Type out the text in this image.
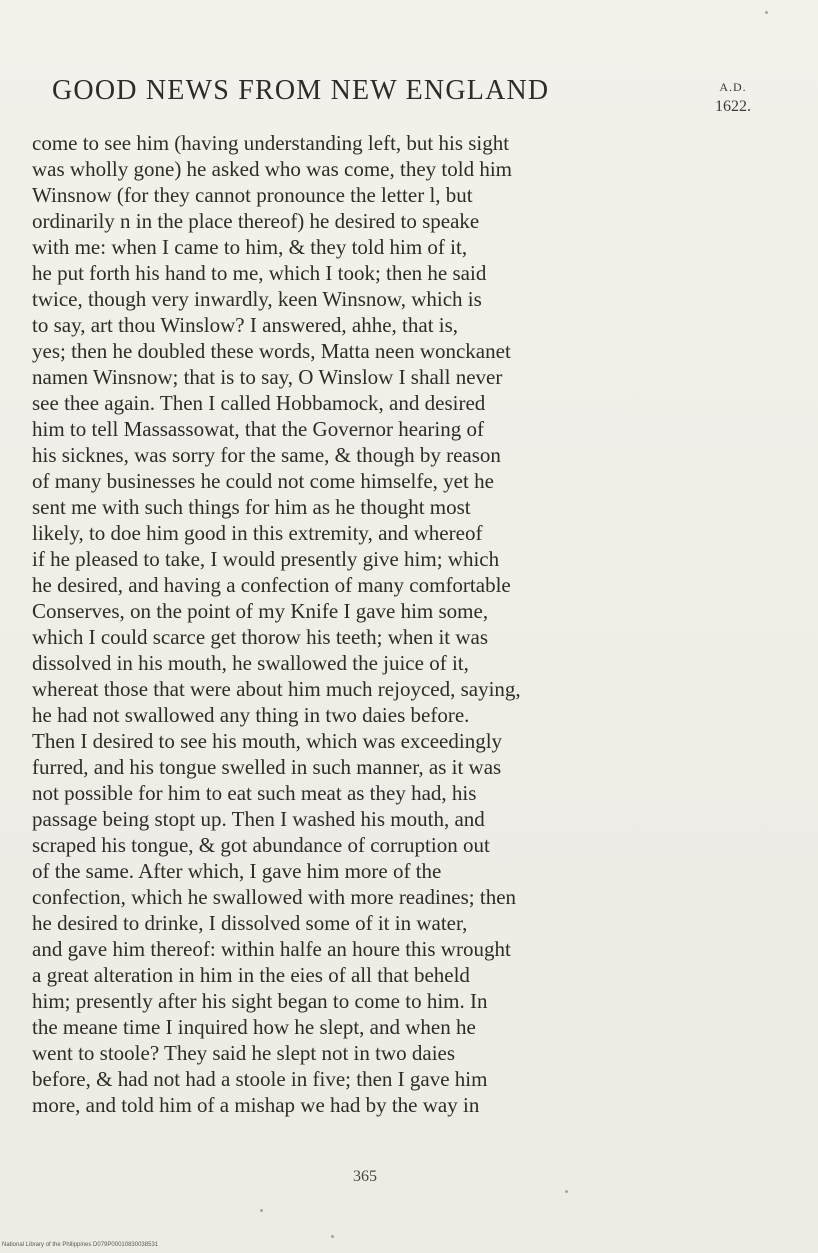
GOOD NEWS FROM NEW ENGLAND	A.D.
1622.
come to see him (having understanding left, but his sight
was wholly gone) he asked who was come, they told him
Winsnow (for they cannot pronounce the letter l, but
ordinarily n in the place thereof) he desired to speake
with me: when I came to him, & they told him of it,
he put forth his hand to me, which I took; then he said
twice, though very inwardly, keen Winsnow, which is
to say, art thou Winslow? I answered, ahhe, that is,
yes; then he doubled these words, Matta neen wonckanet
namen Winsnow; that is to say, O Winslow I shall never
see thee again. Then I called Hobbamock, and desired
him to tell Massassowat, that the Governor hearing of
his sicknes, was sorry for the same, & though by reason
of many businesses he could not come himselfe, yet he
sent me with such things for him as he thought most
likely, to doe him good in this extremity, and whereof
if he pleased to take, I would presently give him; which
he desired, and having a confection of many comfortable
Conserves, on the point of my Knife I gave him some,
which I could scarce get thorow his teeth; when it was
dissolved in his mouth, he swallowed the juice of it,
whereat those that were about him much rejoyced, saying,
he had not swallowed any thing in two daies before.
Then I desired to see his mouth, which was exceedingly
furred, and his tongue swelled in such manner, as it was
not possible for him to eat such meat as they had, his
passage being stopt up. Then I washed his mouth, and
scraped his tongue, & got abundance of corruption out
of the same. After which, I gave him more of the
confection, which he swallowed with more readines; then
he desired to drinke, I dissolved some of it in water,
and gave him thereof: within halfe an houre this wrought
a great alteration in him in the eies of all that beheld
him; presently after his sight began to come to him. In
the meane time I inquired how he slept, and when he
went to stoole? They said he slept not in two daies
before, & had not had a stoole in five; then I gave him
more, and told him of a mishap we had by the way in
365
National Library of the Philippines D079P00010830038531
